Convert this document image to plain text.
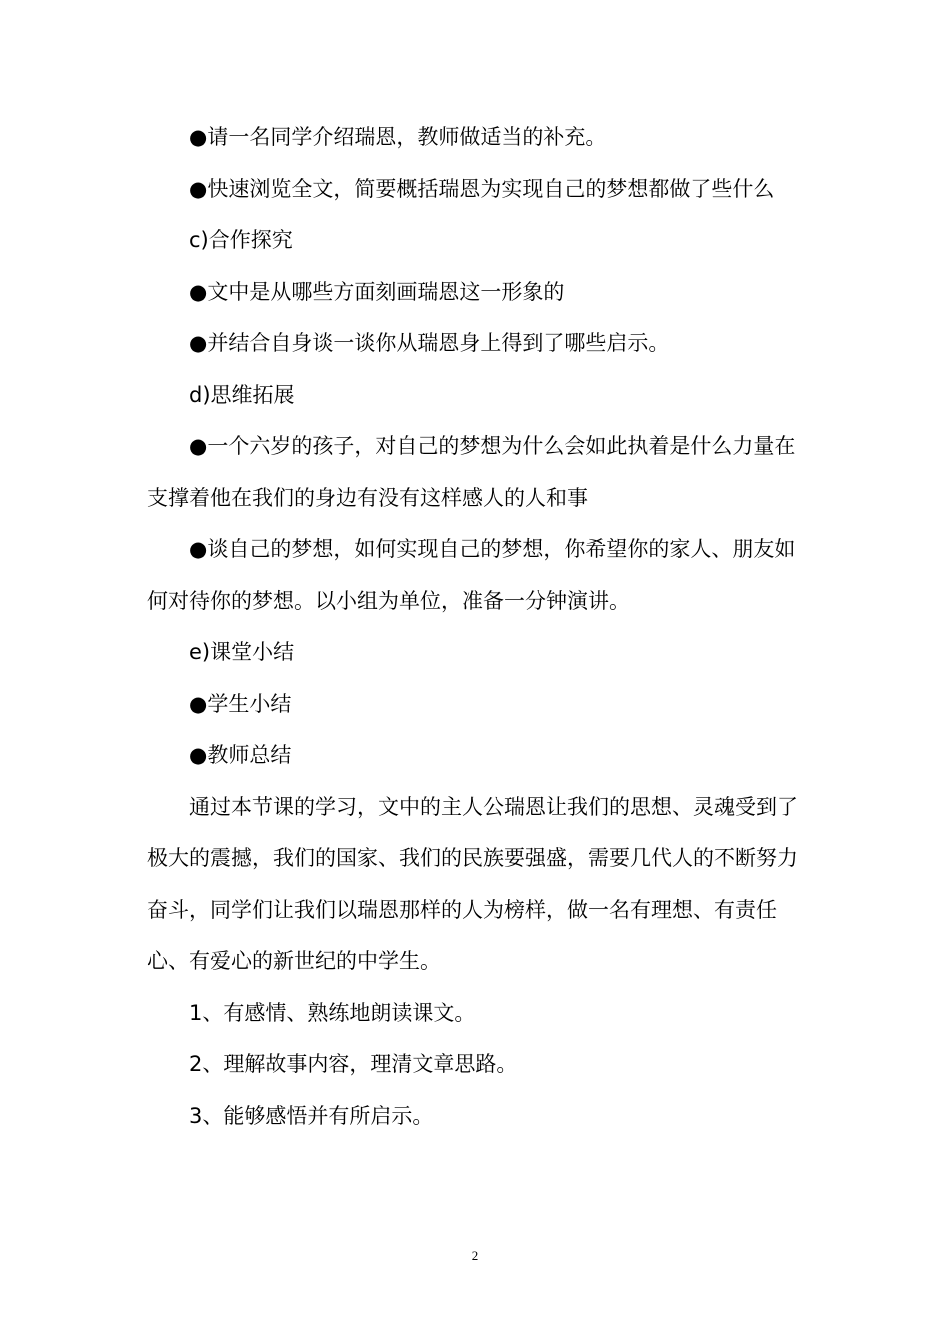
●请一名同学介绍瑞恩，教师做适当的补充。

●快速浏览全文，简要概括瑞恩为实现自己的梦想都做了些什么

c)合作探究

●文中是从哪些方面刻画瑞恩这一形象的

●并结合自身谈一谈你从瑞恩身上得到了哪些启示。

d)思维拓展

●一个六岁的孩子，对自己的梦想为什么会如此执着是什么力量在支撑着他在我们的身边有没有这样感人的人和事

●谈自己的梦想，如何实现自己的梦想，你希望你的家人、朋友如何对待你的梦想。以小组为单位，准备一分钟演讲。

e)课堂小结

●学生小结

●教师总结

通过本节课的学习，文中的主人公瑞恩让我们的思想、灵魂受到了极大的震撼，我们的国家、我们的民族要强盛，需要几代人的不断努力奋斗，同学们让我们以瑞恩那样的人为榜样，做一名有理想、有责任心、有爱心的新世纪的中学生。

1、有感情、熟练地朗读课文。

2、理解故事内容，理清文章思路。

3、能够感悟并有所启示。

2
